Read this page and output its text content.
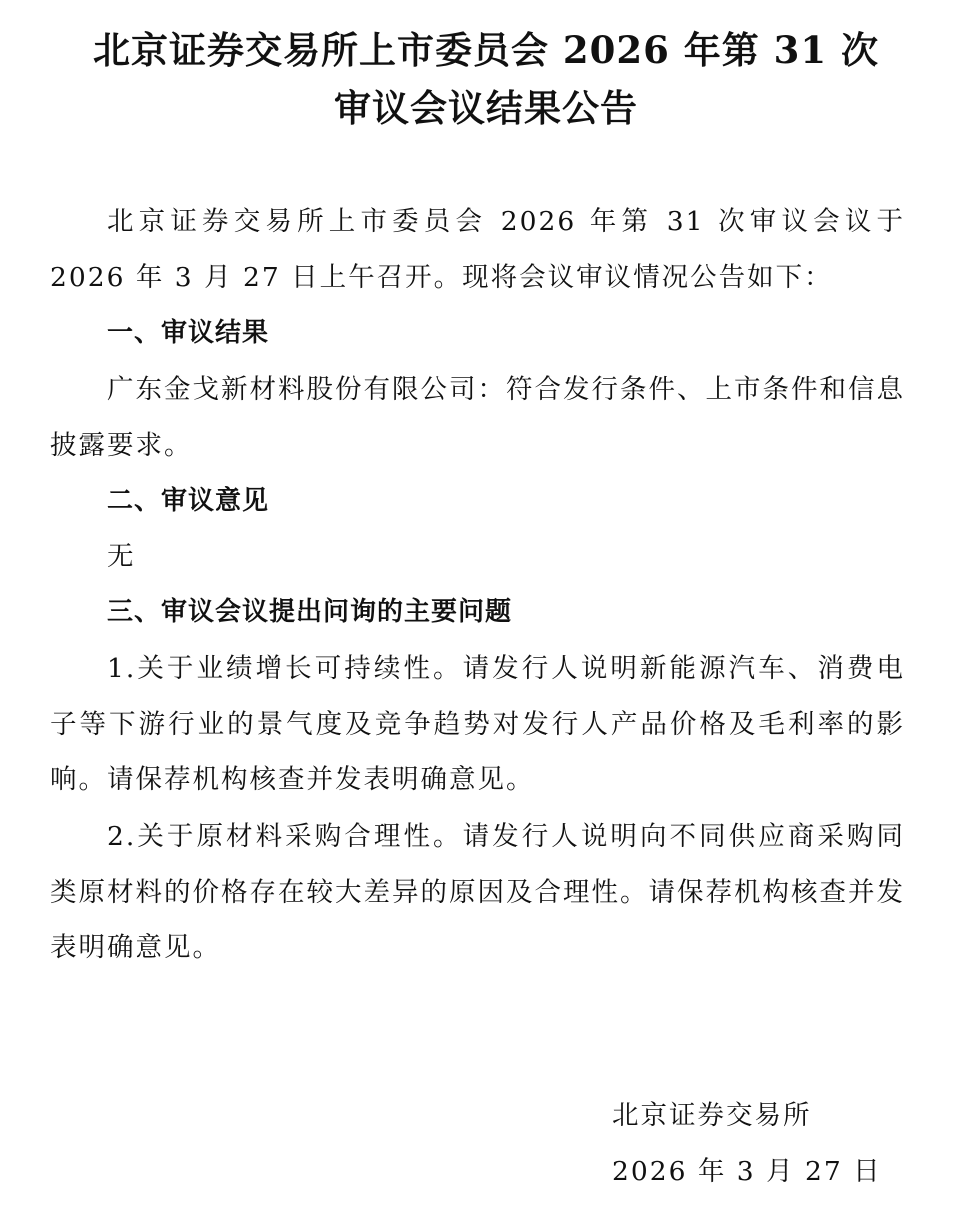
北京证券交易所上市委员会 2026 年第 31 次
审议会议结果公告

北京证券交易所上市委员会 2026 年第 31 次审议会议于 2026 年 3 月 27 日上午召开。现将会议审议情况公告如下：

一、审议结果

广东金戈新材料股份有限公司：符合发行条件、上市条件和信息披露要求。

二、审议意见

无

三、审议会议提出问询的主要问题

1.关于业绩增长可持续性。请发行人说明新能源汽车、消费电子等下游行业的景气度及竞争趋势对发行人产品价格及毛利率的影响。请保荐机构核查并发表明确意见。

2.关于原材料采购合理性。请发行人说明向不同供应商采购同类原材料的价格存在较大差异的原因及合理性。请保荐机构核查并发表明确意见。

北京证券交易所

2026 年 3 月 27 日
